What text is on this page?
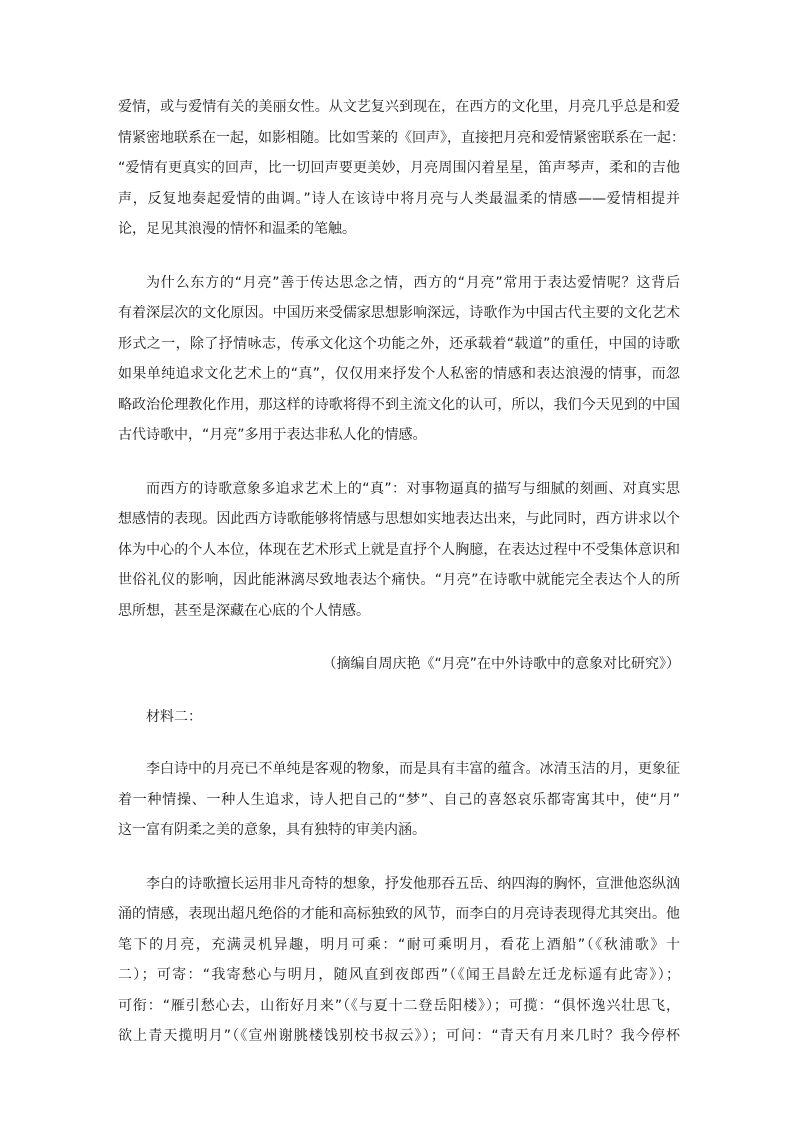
爱情，或与爱情有关的美丽女性。从文艺复兴到现在，在西方的文化里，月亮几乎总是和爱
情紧密地联系在一起，如影相随。比如雪莱的《回声》，直接把月亮和爱情紧密联系在一起：
“爱情有更真实的回声，比一切回声要更美妙，月亮周围闪着星星，笛声琴声，柔和的吉他
声，反复地奏起爱情的曲调。”诗人在该诗中将月亮与人类最温柔的情感——爱情相提并
论，足见其浪漫的情怀和温柔的笔触。
为什么东方的“月亮”善于传达思念之情，西方的“月亮”常用于表达爱情呢？这背后
有着深层次的文化原因。中国历来受儒家思想影响深远，诗歌作为中国古代主要的文化艺术
形式之一，除了抒情咏志，传承文化这个功能之外，还承载着“载道”的重任，中国的诗歌
如果单纯追求文化艺术上的“真”，仅仅用来抒发个人私密的情感和表达浪漫的情事，而忽
略政治伦理教化作用，那这样的诗歌将得不到主流文化的认可，所以，我们今天见到的中国
古代诗歌中，“月亮”多用于表达非私人化的情感。
而西方的诗歌意象多追求艺术上的“真”：对事物逼真的描写与细腻的刻画、对真实思
想感情的表现。因此西方诗歌能够将情感与思想如实地表达出来，与此同时，西方讲求以个
体为中心的个人本位，体现在艺术形式上就是直抒个人胸臆，在表达过程中不受集体意识和
世俗礼仪的影响，因此能淋漓尽致地表达个痛快。“月亮”在诗歌中就能完全表达个人的所
思所想，甚至是深藏在心底的个人情感。
（摘编自周庆艳《“月亮”在中外诗歌中的意象对比研究》）
材料二：
李白诗中的月亮已不单纯是客观的物象，而是具有丰富的蕴含。冰清玉洁的月，更象征
着一种情操、一种人生追求，诗人把自己的“梦”、自己的喜怒哀乐都寄寓其中，使“月”
这一富有阴柔之美的意象，具有独特的审美内涵。
李白的诗歌擅长运用非凡奇特的想象，抒发他那吞五岳、纳四海的胸怀，宣泄他恣纵汹
涌的情感，表现出超凡绝俗的才能和高标独致的风节，而李白的月亮诗表现得尤其突出。他
笔下的月亮，充满灵机异趣，明月可乘：“耐可乘明月，看花上酒船”（《秋浦歌》十
二）；可寄：“我寄愁心与明月，随风直到夜郎西”（《闻王昌龄左迁龙标遥有此寄》）；
可衔：“雁引愁心去，山衔好月来”（《与夏十二登岳阳楼》）；可揽：“俱怀逸兴壮思飞，
欲上青天揽明月”（《宣州谢朓楼饯别校书叔云》）；可问：“青天有月来几时？我今停杯
